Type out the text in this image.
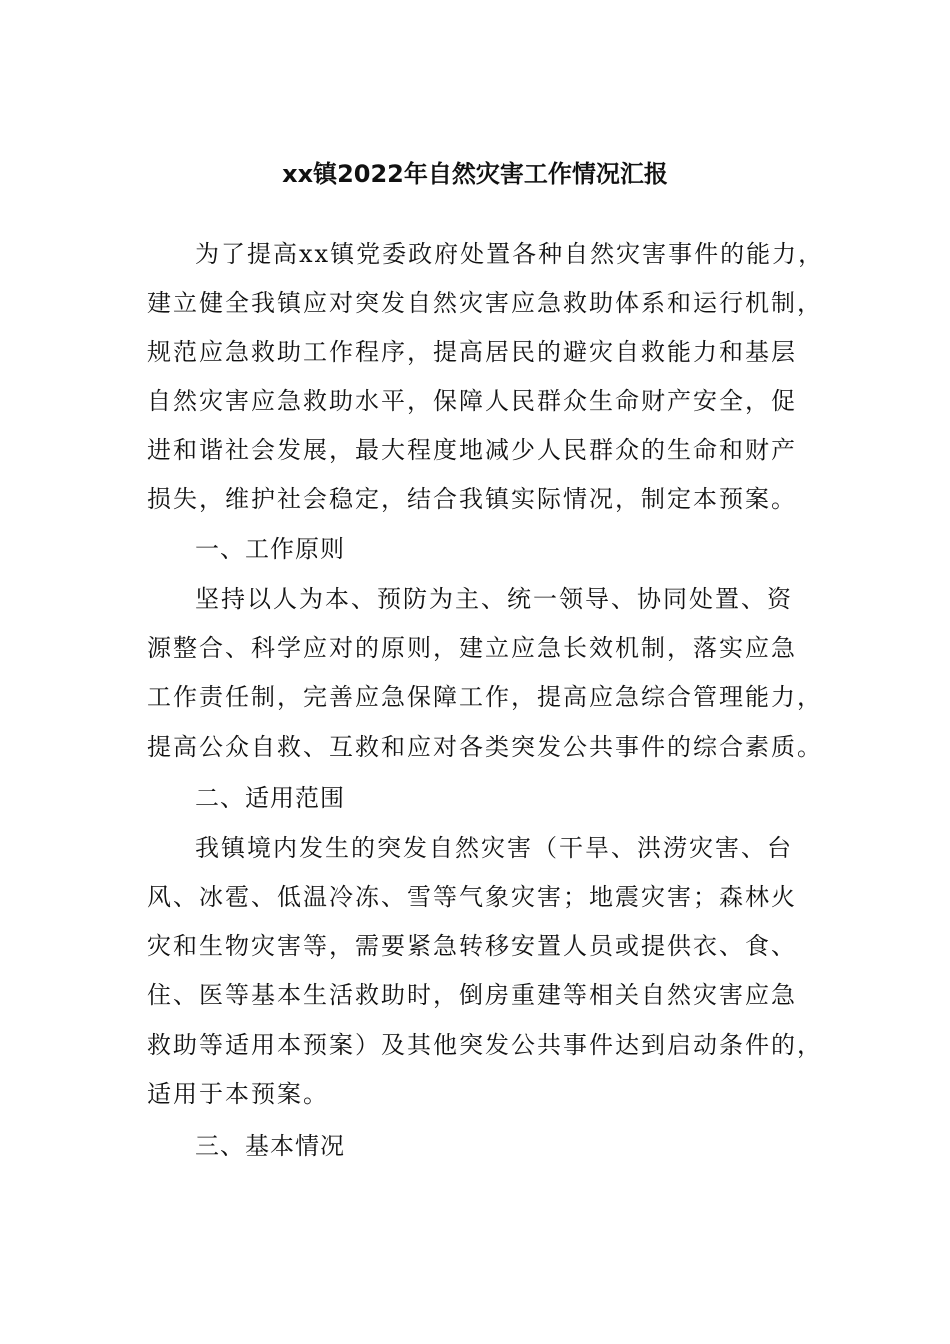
xx镇2022年自然灾害工作情况汇报
为了提高xx镇党委政府处置各种自然灾害事件的能力，
建立健全我镇应对突发自然灾害应急救助体系和运行机制，
规范应急救助工作程序，提高居民的避灾自救能力和基层
自然灾害应急救助水平，保障人民群众生命财产安全，促
进和谐社会发展，最大程度地减少人民群众的生命和财产
损失，维护社会稳定，结合我镇实际情况，制定本预案。
一、工作原则
坚持以人为本、预防为主、统一领导、协同处置、资
源整合、科学应对的原则，建立应急长效机制，落实应急
工作责任制，完善应急保障工作，提高应急综合管理能力，
提高公众自救、互救和应对各类突发公共事件的综合素质。
二、适用范围
我镇境内发生的突发自然灾害（干旱、洪涝灾害、台
风、冰雹、低温冷冻、雪等气象灾害；地震灾害；森林火
灾和生物灾害等，需要紧急转移安置人员或提供衣、食、
住、医等基本生活救助时，倒房重建等相关自然灾害应急
救助等适用本预案）及其他突发公共事件达到启动条件的，
适用于本预案。
三、基本情况
